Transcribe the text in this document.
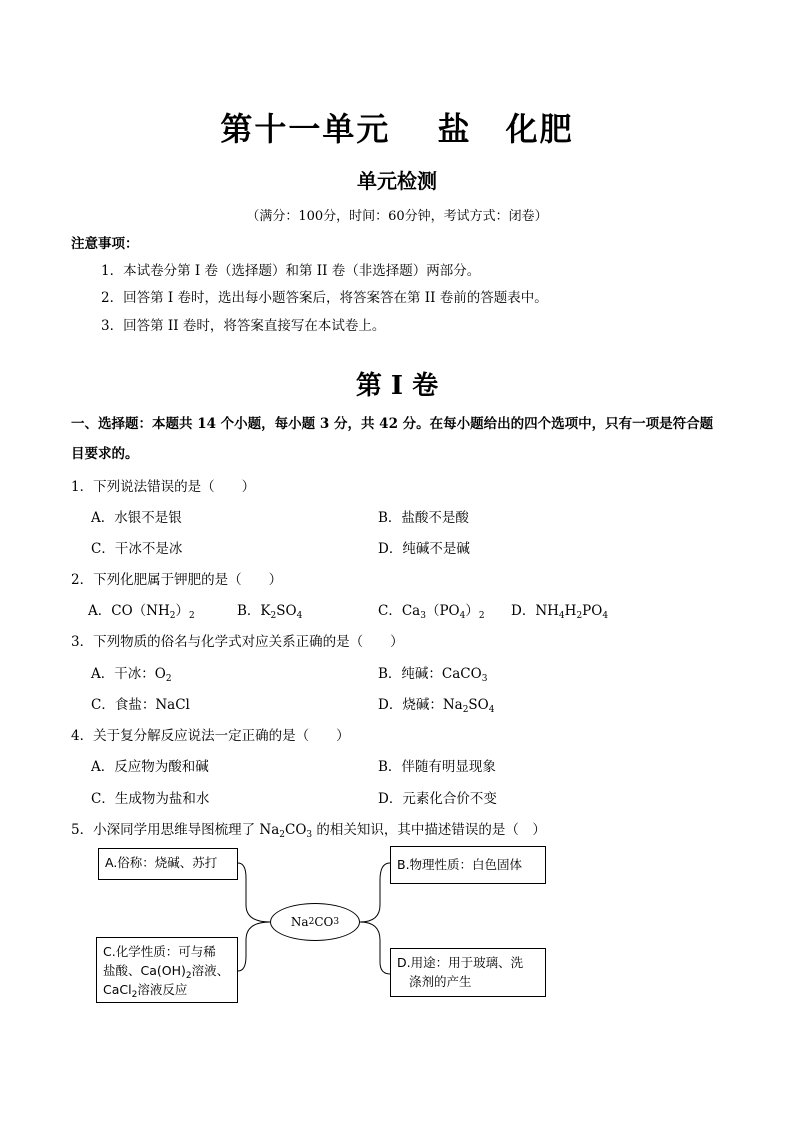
第十一单元　 盐　化肥
单元检测
（满分：100分，时间：60分钟，考试方式：闭卷）
注意事项：
1．本试卷分第 I 卷（选择题）和第 II 卷（非选择题）两部分。
2．回答第 I 卷时，选出每小题答案后，将答案答在第 II 卷前的答题表中。
3．回答第 II 卷时，将答案直接写在本试卷上。
第 I 卷
一、选择题：本题共 14 个小题，每小题 3 分，共 42 分。在每小题给出的四个选项中，只有一项是符合题
目要求的。
1．下列说法错误的是（　　）
A．水银不是银	B．盐酸不是酸
C．干冰不是冰	D．纯碱不是碱
2．下列化肥属于钾肥的是（　　）
A．$CO(NH_2)_2$	B．$K_2SO_4$	C．$Ca_3(PO_4)_2$ D．$NH_4H_2PO_4$
3．下列物质的俗名与化学式对应关系正确的是（　　）
A．干冰：$O_2$	B．纯碱：CaCO$_3$
C．食盐：NaCl	D．烧碱：$Na_2SO_4$
4．关于复分解反应说法一定正确的是（　　）
A．反应物为酸和碱	B．伴随有明显现象
C．生成物为盐和水	D．元素化合价不变
5．小深同学用思维导图梳理了 $Na_2CO_3$ 的相关知识，其中描述错误的是（　）
A.俗称：烧碱、苏打	B.物理性质：白色固体
C.化学性质：可与稀
盐酸、$Ca(OH)_2$溶液、
CaCl$_2$溶液反应
D.用途：用于玻璃、洗
涤剂的产生
Na 2 CO 3
